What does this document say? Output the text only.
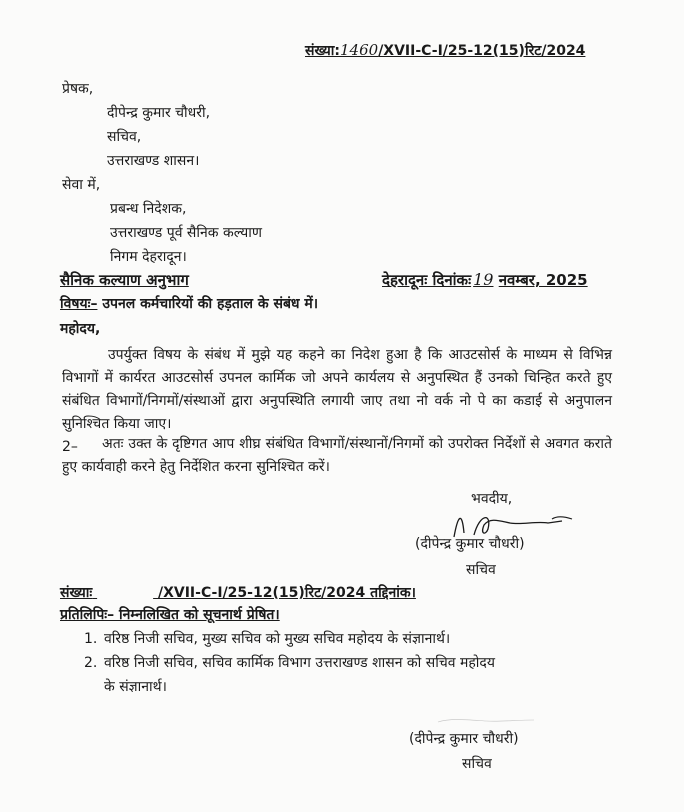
संख्या:1460/XVII-C-I/25-12(15)रिट/2024
प्रेषक,
दीपेन्द्र कुमार चौधरी,
सचिव,
उत्तराखण्ड शासन।
सेवा में,
प्रबन्ध निदेशक,
उत्तराखण्ड पूर्व सैनिक कल्याण
निगम देहरादून।
सैनिक कल्याण अनुभाग	देहरादूनः दिनांकः 19 नवम्बर, 2025
विषयः– उपनल कर्मचारियों की हड़ताल के संबंध में।
महोदय,
उपर्युक्त विषय के संबंध में मुझे यह कहने का निदेश हुआ है कि आउटसोर्स के माध्यम से विभिन्न विभागों में कार्यरत आउटसोर्स उपनल कार्मिक जो अपने कार्यलय से अनुपस्थित हैं उनको चिन्हित करते हुए संबंधित विभागों/निगमों/संस्थाओं द्वारा अनुपस्थिति लगायी जाए तथा नो वर्क नो पे का कडाई से अनुपालन सुनिश्चित किया जाए।
2–	अतः उक्त के दृष्टिगत आप शीघ्र संबंधित विभागों/संस्थानों/निगमों को उपरोक्त निर्देशों से अवगत कराते हुए कार्यवाही करने हेतु निर्देशित करना सुनिश्चित करें।
भवदीय,
(दीपेन्द्र कुमार चौधरी)
सचिव
संख्याः	/XVII-C-I/25-12(15)रिट/2024 तद्दिनांक।
प्रतिलिपिः– निम्नलिखित को सूचनार्थ प्रेषित।
1. वरिष्ठ निजी सचिव, मुख्य सचिव को मुख्य सचिव महोदय के संज्ञानार्थ।
2. वरिष्ठ निजी सचिव, सचिव कार्मिक विभाग उत्तराखण्ड शासन को सचिव महोदय
के संज्ञानार्थ।
(दीपेन्द्र कुमार चौधरी)
सचिव
